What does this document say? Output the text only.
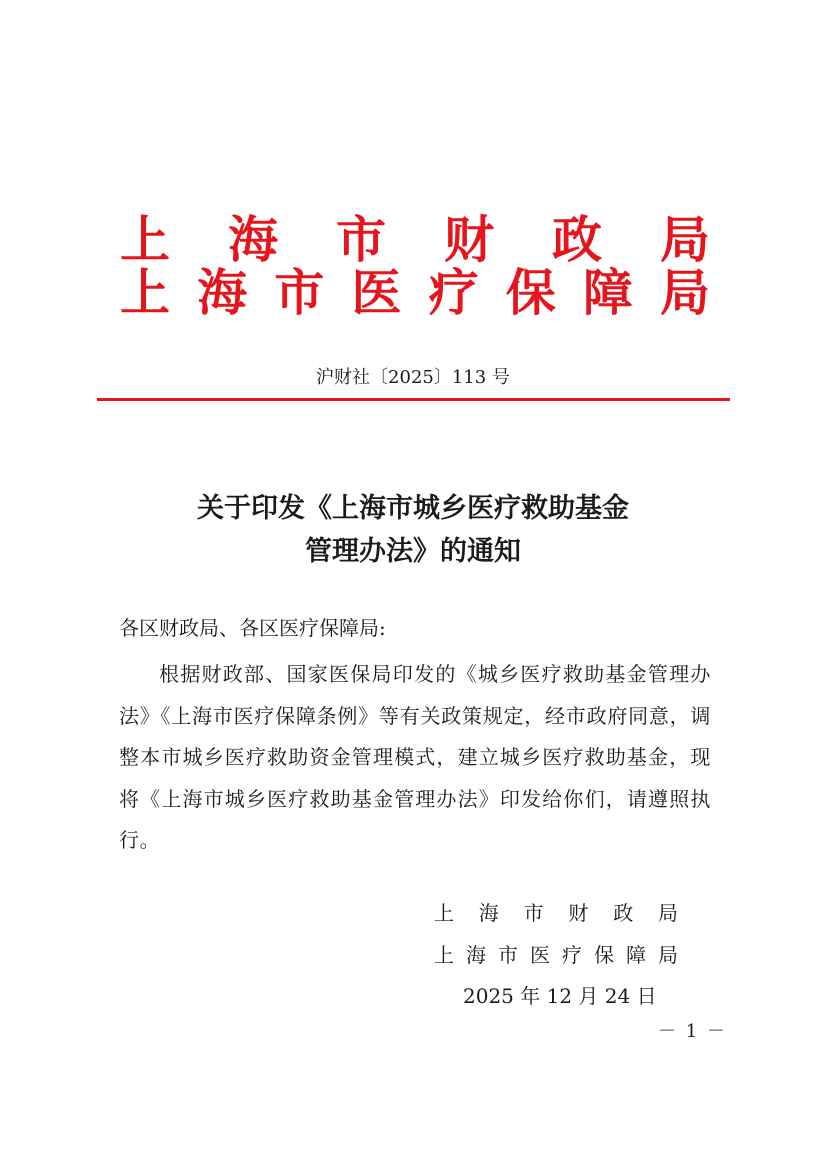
上 海 市 财 政 局
上 海 市 医 疗 保 障 局
沪财社〔2025〕113 号
关于印发《上海市城乡医疗救助基金
管理办法》的通知
各区财政局、各区医疗保障局:
根据财政部、国家医保局印发的《城乡医疗救助基金管理办法》《上海市医疗保障条例》等有关政策规定，经市政府同意，调整本市城乡医疗救助资金管理模式，建立城乡医疗救助基金，现将《上海市城乡医疗救助基金管理办法》印发给你们，请遵照执行。
上 海 市 财 政 局
上 海 市 医 疗 保 障 局
2025 年 12 月 24 日
－ 1 －
